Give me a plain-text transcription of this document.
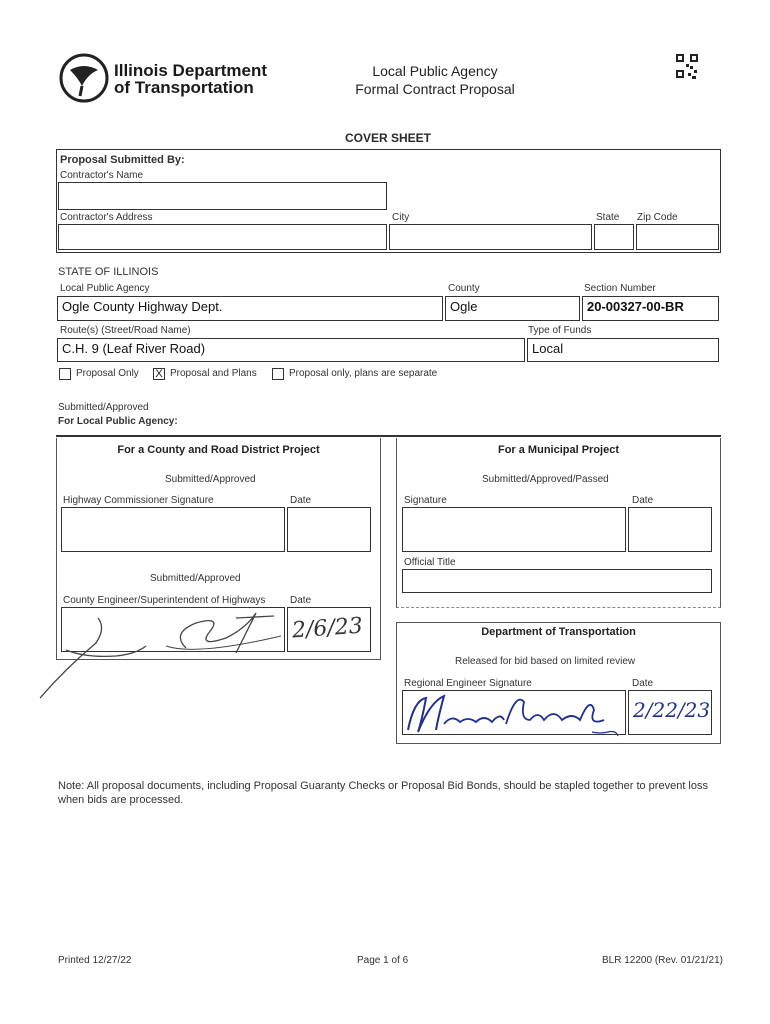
Illinois Department
of Transportation
Local Public Agency
Formal Contract Proposal
COVER SHEET
Proposal Submitted By:
Contractor's Name
Contractor's Address	City	State Zip Code
STATE OF ILLINOIS
Local Public Agency	County	Section Number
Ogle County Highway Dept.	Ogle	20-00327-00-BR
Route(s) (Street/Road Name)	Type of Funds
C.H. 9 (Leaf River Road)	Local
Proposal Only X Proposal and Plans	Proposal only, plans are separate
Submitted/Approved
For Local Public Agency:
For a County and Road District Project
Submitted/Approved
Highway Commissioner Signature	Date
Submitted/Approved
County Engineer/Superintendent of Highways Date
2/6/23
For a Municipal Project
Submitted/Approved/Passed
Signature	Date
Official Title
Department of Transportation
Released for bid based on limited review
Regional Engineer Signature	Date
2/22/23
Note: All proposal documents, including Proposal Guaranty Checks or Proposal Bid Bonds, should be stapled together to prevent loss when bids are processed.
Printed 12/27/22	Page 1 of 6	BLR 12200 (Rev. 01/21/21)
